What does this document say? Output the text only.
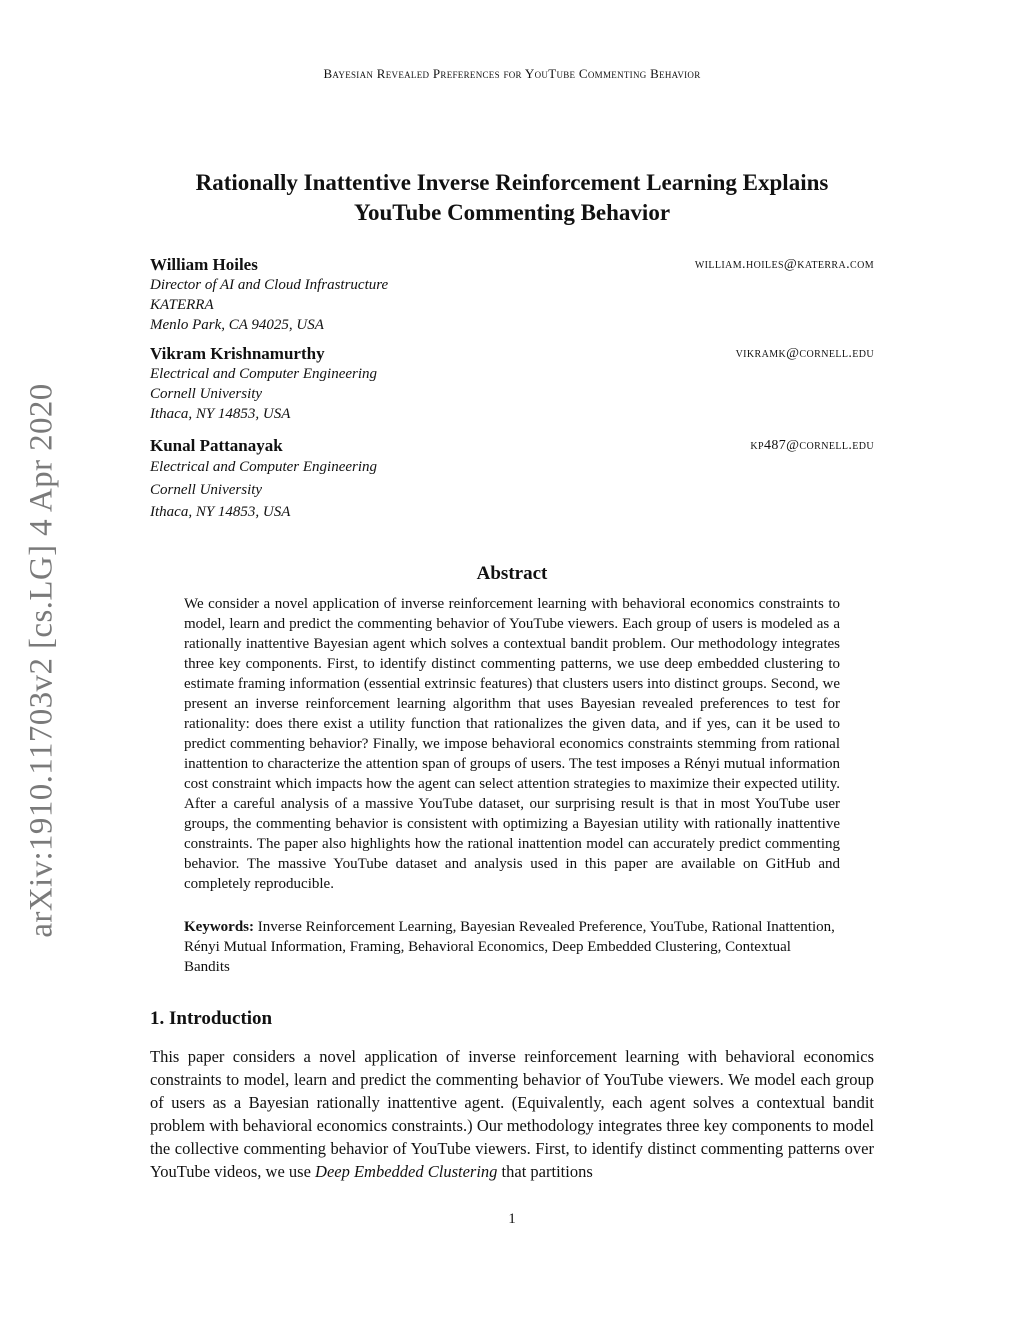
Bayesian Revealed Preferences for YouTube Commenting Behavior
arXiv:1910.11703v2 [cs.LG] 4 Apr 2020
Rationally Inattentive Inverse Reinforcement Learning Explains
YouTube Commenting Behavior
William Hoiles	william.hoiles@katerra.com
Director of AI and Cloud Infrastructure
KATERRA
Menlo Park, CA 94025, USA
Vikram Krishnamurthy	vikramk@cornell.edu
Electrical and Computer Engineering
Cornell University
Ithaca, NY 14853, USA
Kunal Pattanayak	kp487@cornell.edu
Electrical and Computer Engineering
Cornell University
Ithaca, NY 14853, USA
Abstract

We consider a novel application of inverse reinforcement learning with behavioral economics constraints to model, learn and predict the commenting behavior of YouTube viewers. Each group of users is modeled as a rationally inattentive Bayesian agent which solves a contextual bandit problem. Our methodology integrates three key components. First, to identify distinct commenting patterns, we use deep embedded clustering to estimate framing information (essential extrinsic features) that clusters users into distinct groups. Second, we present an inverse reinforcement learning algorithm that uses Bayesian revealed preferences to test for rationality: does there exist a utility function that rationalizes the given data, and if yes, can it be used to predict commenting behavior? Finally, we impose behavioral economics constraints stemming from rational inattention to characterize the attention span of groups of users. The test imposes a Rényi mutual information cost constraint which impacts how the agent can select attention strategies to maximize their expected utility. After a careful analysis of a massive YouTube dataset, our surprising result is that in most YouTube user groups, the commenting behavior is consistent with optimizing a Bayesian utility with rationally inattentive constraints. The paper also highlights how the rational inattention model can accurately predict commenting behavior. The massive YouTube dataset and analysis used in this paper are available on GitHub and completely reproducible.

Keywords: Inverse Reinforcement Learning, Bayesian Revealed Preference, YouTube, Rational Inattention, Rényi Mutual Information, Framing, Behavioral Economics, Deep Embedded Clustering, Contextual Bandits

1. Introduction

This paper considers a novel application of inverse reinforcement learning with behavioral economics constraints to model, learn and predict the commenting behavior of YouTube viewers. We model each group of users as a Bayesian rationally inattentive agent. (Equivalently, each agent solves a contextual bandit problem with behavioral economics constraints.) Our methodology integrates three key components to model the collective commenting behavior of YouTube viewers. First, to identify distinct commenting patterns over YouTube videos, we use Deep Embedded Clustering that partitions

1
